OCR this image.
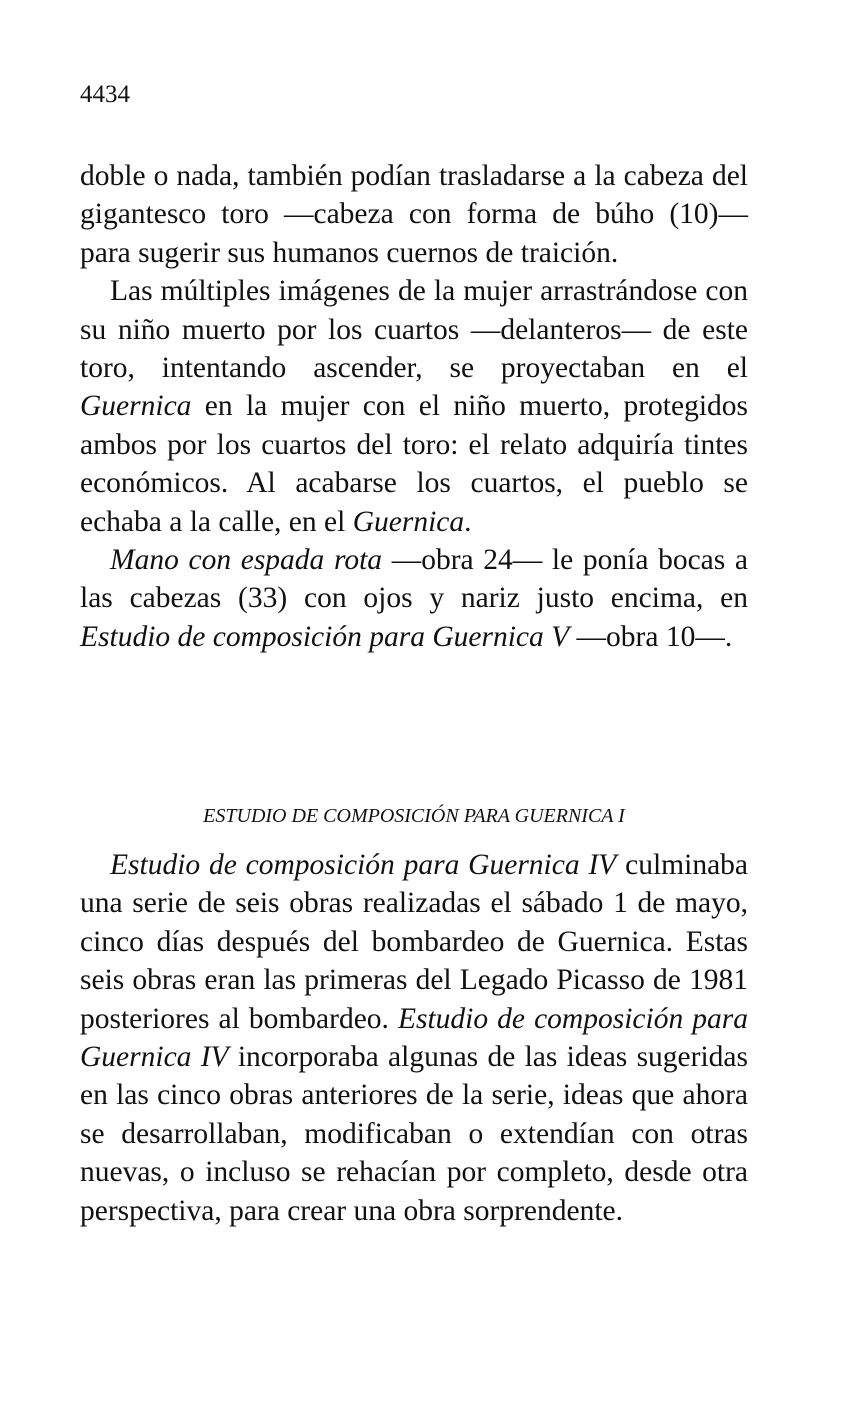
4434

doble o nada, también podían trasladarse a la cabeza del gigantesco toro —cabeza con forma de búho (10)— para sugerir sus humanos cuernos de traición.

Las múltiples imágenes de la mujer arrastrándose con su niño muerto por los cuartos —delanteros— de este toro, intentando ascender, se proyectaban en el Guernica en la mujer con el niño muerto, protegidos ambos por los cuartos del toro: el relato adquiría tintes económicos. Al acabarse los cuartos, el pueblo se echaba a la calle, en el Guernica.

Mano con espada rota —obra 24— le ponía bocas a las cabezas (33) con ojos y nariz justo encima, en Estudio de composición para Guernica V —obra 10—.

ESTUDIO DE COMPOSICIÓN PARA GUERNICA I

Estudio de composición para Guernica IV culminaba una serie de seis obras realizadas el sábado 1 de mayo, cinco días después del bombardeo de Guernica. Estas seis obras eran las primeras del Legado Picasso de 1981 posteriores al bombardeo. Estudio de composición para Guernica IV incorporaba algunas de las ideas sugeridas en las cinco obras anteriores de la serie, ideas que ahora se desarrollaban, modificaban o extendían con otras nuevas, o incluso se rehacían por completo, desde otra perspectiva, para crear una obra sorprendente.
